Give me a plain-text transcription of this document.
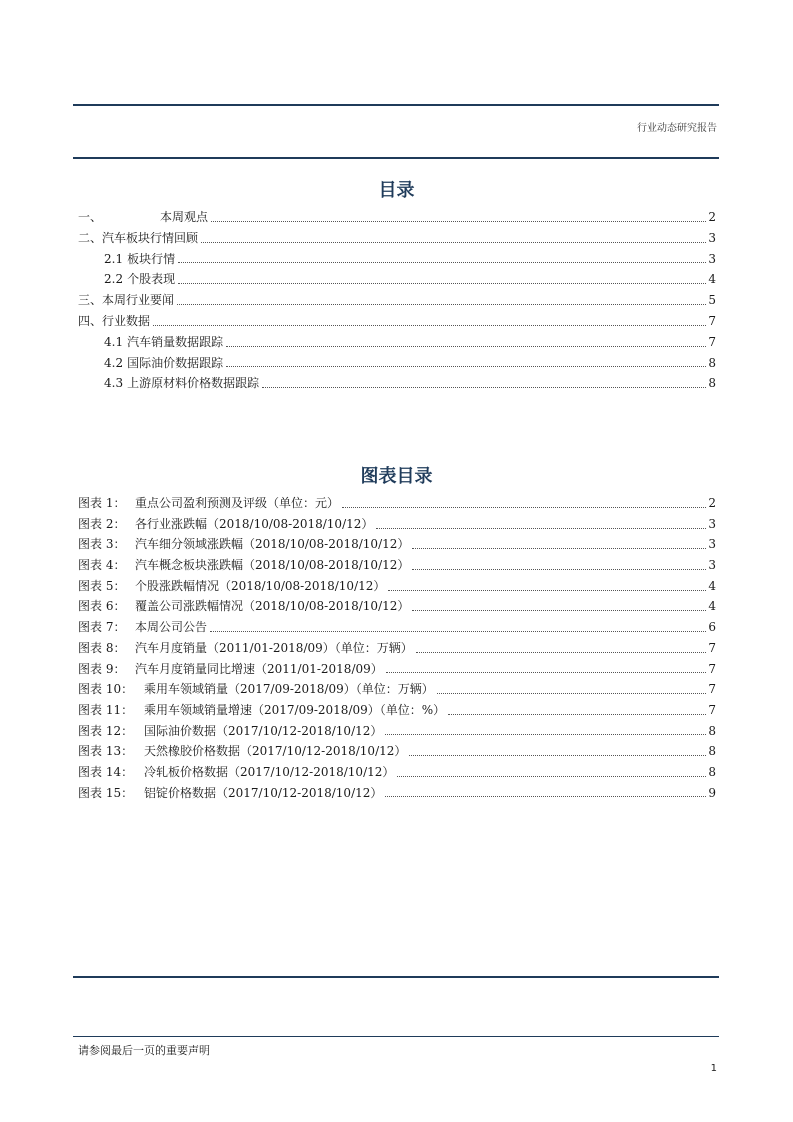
行业动态研究报告
目录
一、	本周观点	2
二、汽车板块行情回顾	3
2.1 板块行情	3
2.2 个股表现	4
三、本周行业要闻	5
四、行业数据	7
4.1 汽车销量数据跟踪	7
4.2 国际油价数据跟踪	8
4.3 上游原材料价格数据跟踪	8
图表目录
图表 1： 重点公司盈利预测及评级（单位：元）	2
图表 2： 各行业涨跌幅（2018/10/08-2018/10/12）	3
图表 3： 汽车细分领域涨跌幅（2018/10/08-2018/10/12）	3
图表 4： 汽车概念板块涨跌幅（2018/10/08-2018/10/12）	3
图表 5： 个股涨跌幅情况（2018/10/08-2018/10/12）	4
图表 6： 覆盖公司涨跌幅情况（2018/10/08-2018/10/12）	4
图表 7： 本周公司公告	6
图表 8： 汽车月度销量（2011/01-2018/09）（单位：万辆）	7
图表 9： 汽车月度销量同比增速（2011/01-2018/09）	7
图表 10： 乘用车领域销量（2017/09-2018/09）（单位：万辆）	7
图表 11： 乘用车领域销量增速（2017/09-2018/09）（单位：%）	7
图表 12： 国际油价数据（2017/10/12-2018/10/12）	8
图表 13： 天然橡胶价格数据（2017/10/12-2018/10/12）	8
图表 14： 冷轧板价格数据（2017/10/12-2018/10/12）	8
图表 15： 铝锭价格数据（2017/10/12-2018/10/12）	9
请参阅最后一页的重要声明
1
